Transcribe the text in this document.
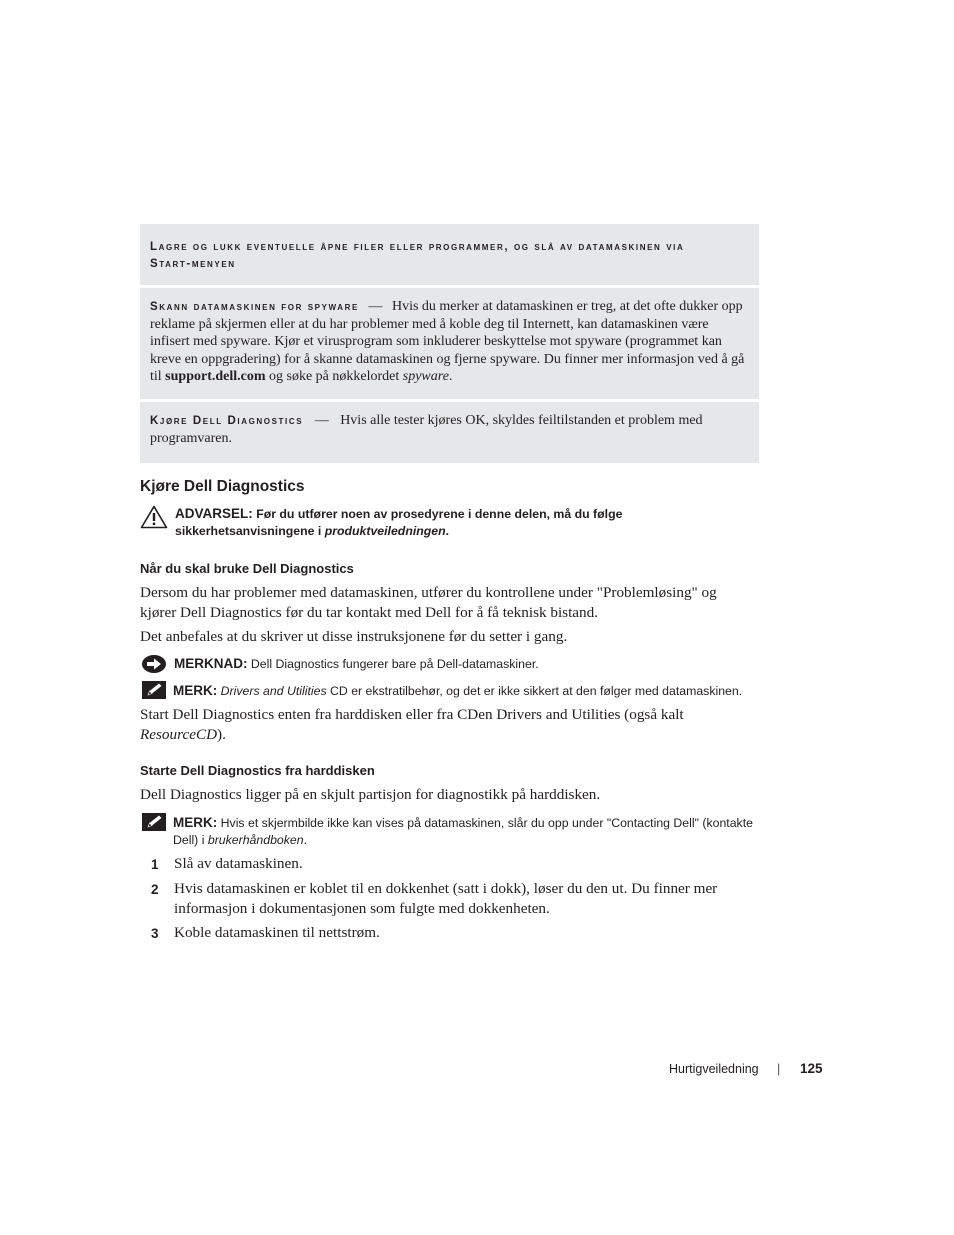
Lagre og lukk eventuelle åpne filer eller programmer, og slå av datamaskinen via
Start-menyen
Skann datamaskinen for spyware — Hvis du merker at datamaskinen er treg, at det ofte dukker opp reklame på skjermen eller at du har problemer med å koble deg til Internett, kan datamaskinen være infisert med spyware. Kjør et virusprogram som inkluderer beskyttelse mot spyware (programmet kan kreve en oppgradering) for å skanne datamaskinen og fjerne spyware. Du finner mer informasjon ved å gå til support.dell.com og søke på nøkkelordet spyware.
Kjøre Dell Diagnostics — Hvis alle tester kjøres OK, skyldes feiltilstanden et problem med programvaren.
Kjøre Dell Diagnostics
ADVARSEL: Før du utfører noen av prosedyrene i denne delen, må du følge sikkerhetsanvisningene i produktveiledningen.
Når du skal bruke Dell Diagnostics
Dersom du har problemer med datamaskinen, utfører du kontrollene under "Problemløsing" og kjører Dell Diagnostics før du tar kontakt med Dell for å få teknisk bistand.
Det anbefales at du skriver ut disse instruksjonene før du setter i gang.
MERKNAD: Dell Diagnostics fungerer bare på Dell-datamaskiner.
MERK: Drivers and Utilities CD er ekstratilbehør, og det er ikke sikkert at den følger med datamaskinen.
Start Dell Diagnostics enten fra harddisken eller fra CDen Drivers and Utilities (også kalt ResourceCD).
Starte Dell Diagnostics fra harddisken
Dell Diagnostics ligger på en skjult partisjon for diagnostikk på harddisken.
MERK: Hvis et skjermbilde ikke kan vises på datamaskinen, slår du opp under "Contacting Dell" (kontakte Dell) i brukerhåndboken.
1 Slå av datamaskinen.
2 Hvis datamaskinen er koblet til en dokkenhet (satt i dokk), løser du den ut. Du finner mer informasjon i dokumentasjonen som fulgte med dokkenheten.
3 Koble datamaskinen til nettstrøm.
Hurtigveiledning | 125
